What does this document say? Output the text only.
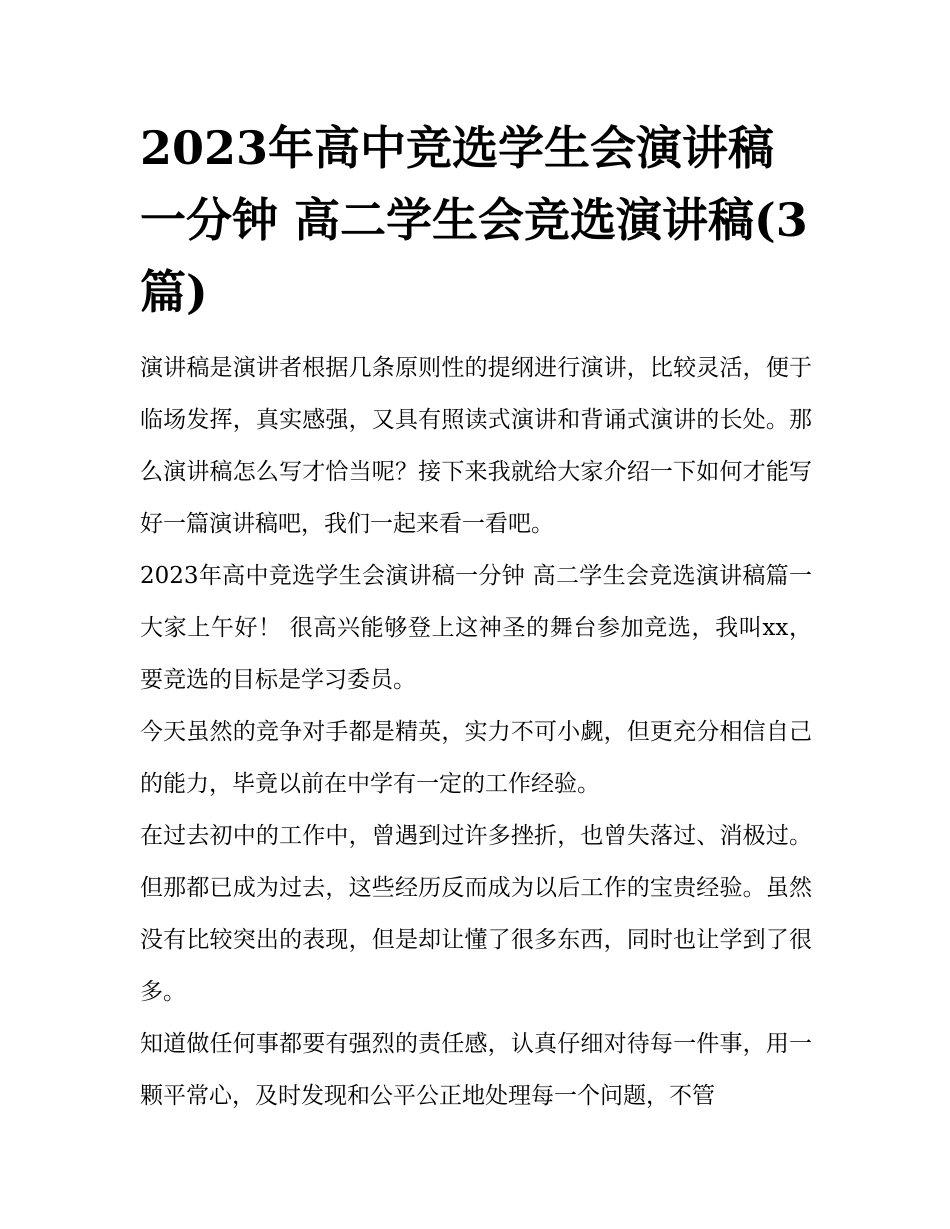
2023年高中竞选学生会演讲稿一分钟 高二学生会竞选演讲稿(3篇)

演讲稿是演讲者根据几条原则性的提纲进行演讲，比较灵活，便于临场发挥，真实感强，又具有照读式演讲和背诵式演讲的长处。那么演讲稿怎么写才恰当呢？接下来我就给大家介绍一下如何才能写好一篇演讲稿吧，我们一起来看一看吧。

2023年高中竞选学生会演讲稿一分钟 高二学生会竞选演讲稿篇一 大家上午好！ 很高兴能够登上这神圣的舞台参加竞选，我叫xx，要竞选的目标是学习委员。

今天虽然的竞争对手都是精英，实力不可小觑，但更充分相信自己的能力，毕竟以前在中学有一定的工作经验。

在过去初中的工作中，曾遇到过许多挫折，也曾失落过、消极过。但那都已成为过去，这些经历反而成为以后工作的宝贵经验。虽然没有比较突出的表现，但是却让懂了很多东西，同时也让学到了很多。

知道做任何事都要有强烈的责任感，认真仔细对待每一件事，用一颗平常心，及时发现和公平公正地处理每一个问题，不管
